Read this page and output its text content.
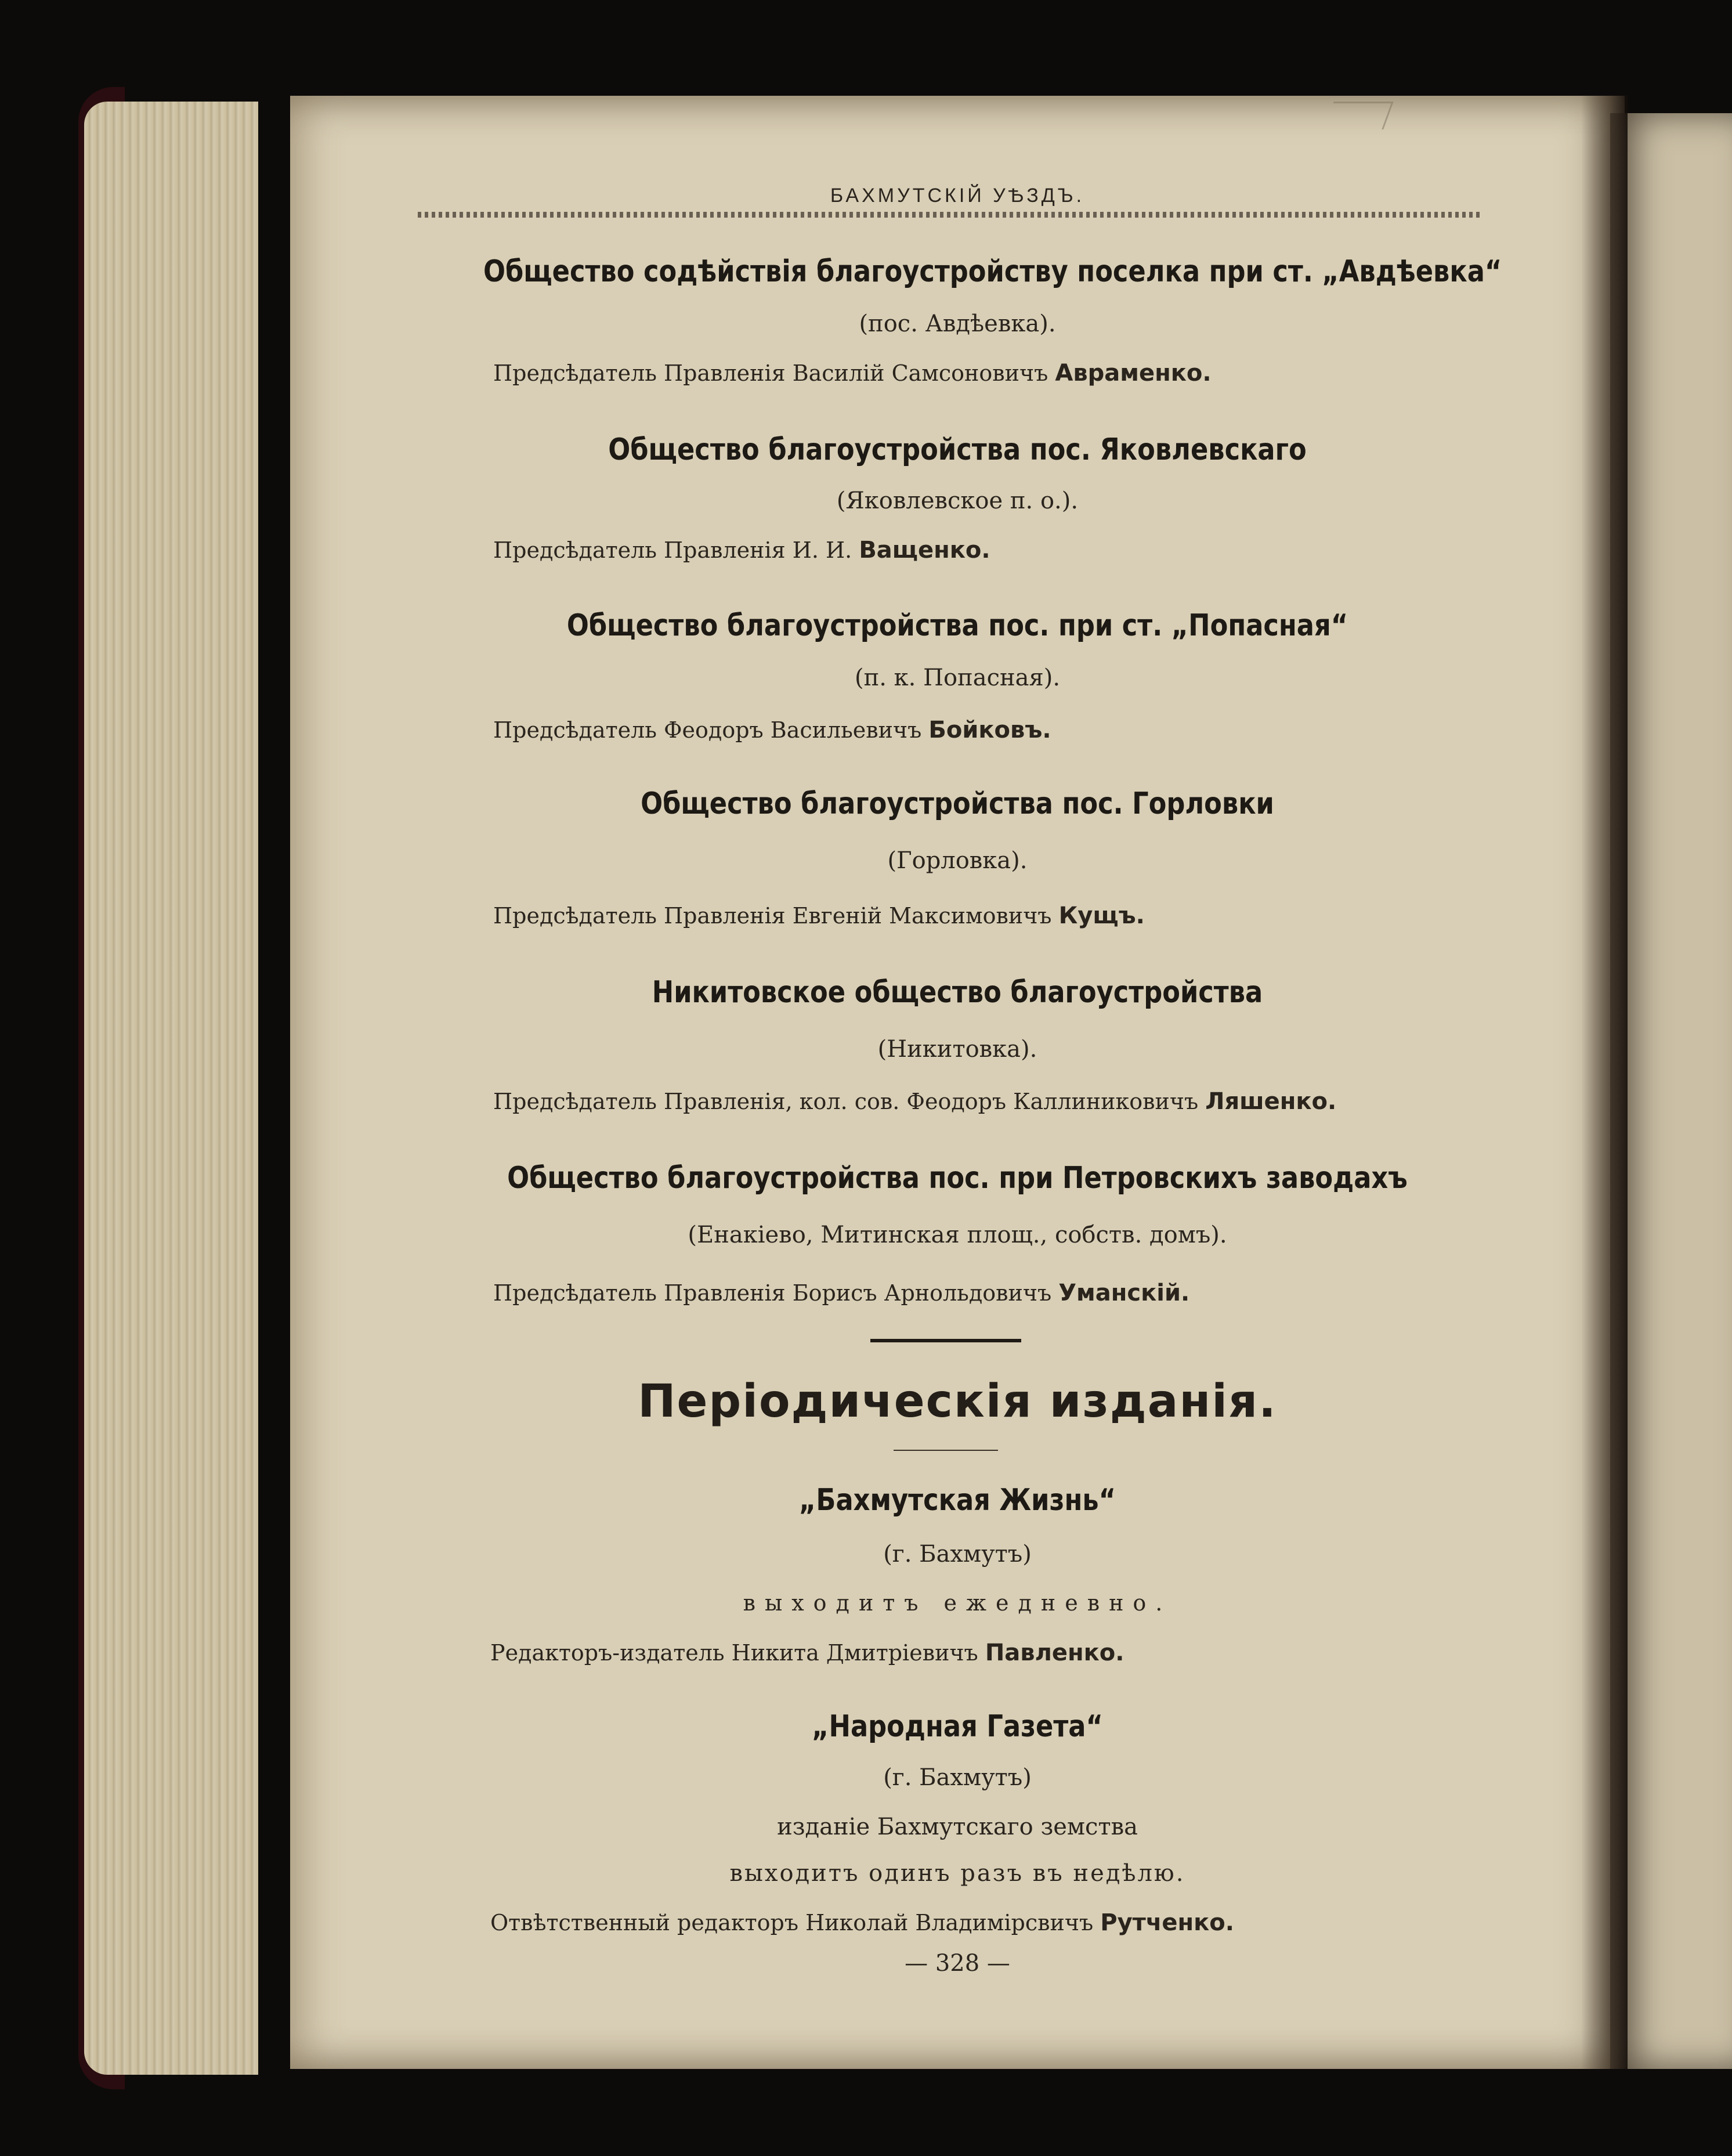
БАХМУТСКІЙ УѢЗДЪ.
Общество содѣйствія благоустройству поселка при ст. „Авдѣевка“
(пос. Авдѣевка).
Предсѣдатель Правленія Василій Самсоновичъ Авраменко.
Общество благоустройства пос. Яковлевскаго
(Яковлевское п. о.).
Предсѣдатель Правленія И. И. Ващенко.
Общество благоустройства пос. при ст. „Попасная“
(п. к. Попасная).
Предсѣдатель Феодоръ Васильевичъ Бойковъ.
Общество благоустройства пос. Горловки
(Горловка).
Предсѣдатель Правленія Евгеній Максимовичъ Кущъ.
Никитовское общество благоустройства
(Никитовка).
Предсѣдатель Правленія, кол. сов. Феодоръ Каллиниковичъ Ляшенко.
Общество благоустройства пос. при Петровскихъ заводахъ
(Енакіево, Митинская площ., собств. домъ).
Предсѣдатель Правленія Борисъ Арнольдовичъ Уманскій.
Періодическія изданія.
„Бахмутская Жизнь“
(г. Бахмутъ)
выходитъ ежедневно.
Редакторъ-издатель Никита Дмитріевичъ Павленко.
„Народная Газета“
(г. Бахмутъ)
изданіе Бахмутскаго земства
выходитъ одинъ разъ въ недѣлю.
Отвѣтственный редакторъ Николай Владимірсвичъ Рутченко.
— 328 —
